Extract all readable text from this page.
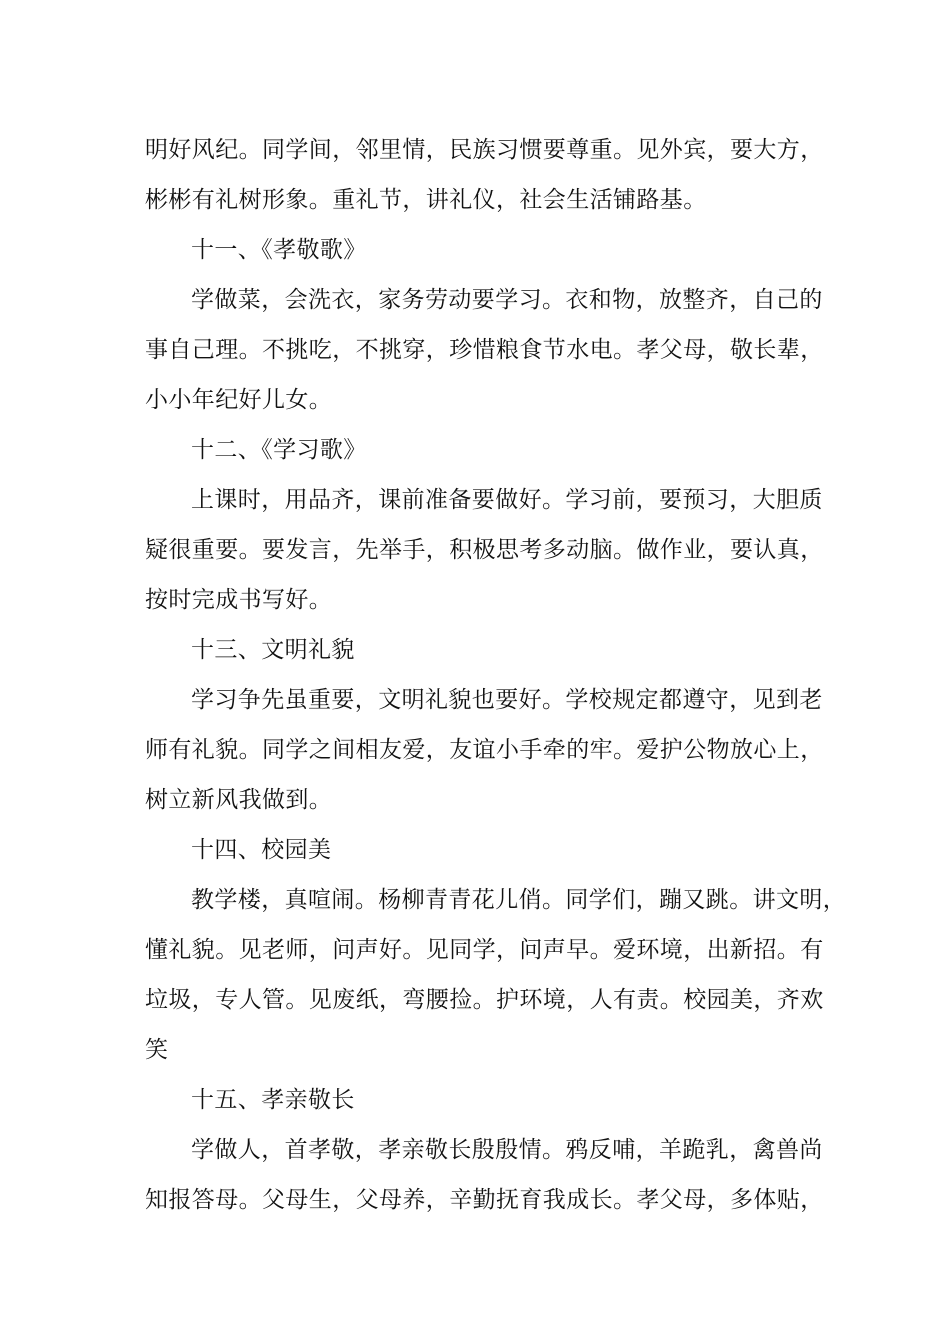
明好风纪。同学间，邻里情，民族习惯要尊重。见外宾，要大方，
彬彬有礼树形象。重礼节，讲礼仪，社会生活铺路基。
十一、《孝敬歌》
学做菜，会洗衣，家务劳动要学习。衣和物，放整齐，自己的
事自己理。不挑吃，不挑穿，珍惜粮食节水电。孝父母，敬长辈，
小小年纪好儿女。
十二、《学习歌》
上课时，用品齐，课前准备要做好。学习前，要预习，大胆质
疑很重要。要发言，先举手，积极思考多动脑。做作业，要认真，
按时完成书写好。
十三、文明礼貌
学习争先虽重要，文明礼貌也要好。学校规定都遵守，见到老
师有礼貌。同学之间相友爱，友谊小手牵的牢。爱护公物放心上，
树立新风我做到。
十四、校园美
教学楼，真喧闹。杨柳青青花儿俏。同学们，蹦又跳。讲文明，
懂礼貌。见老师，问声好。见同学，问声早。爱环境，出新招。有
垃圾，专人管。见废纸，弯腰捡。护环境，人有责。校园美，齐欢
笑
十五、孝亲敬长
学做人，首孝敬，孝亲敬长殷殷情。鸦反哺，羊跪乳，禽兽尚
知报答母。父母生，父母养，辛勤抚育我成长。孝父母，多体贴，
